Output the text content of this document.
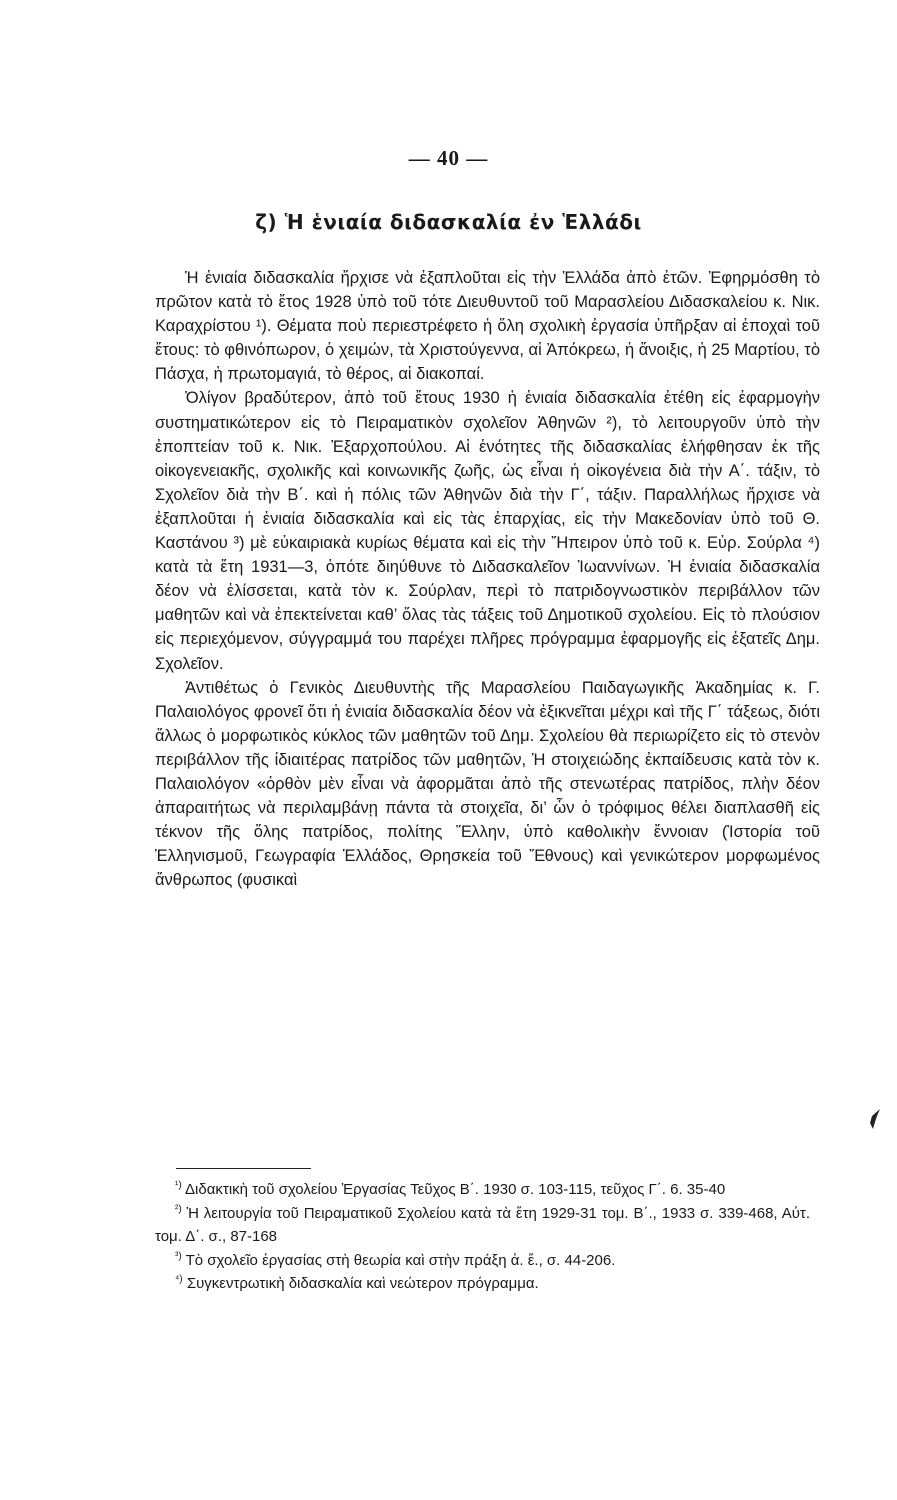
— 40 —
ζ) Ἡ ἑνιαία διδασκαλία ἐν Ἑλλάδι

Ἡ ἑνιαία διδασκαλία ἤρχισε νὰ ἐξαπλοῦται εἰς τὴν Ἑλλάδα ἀπὸ ἐτῶν. Ἐφηρμόσθη τὸ πρῶτον κατὰ τὸ ἔτος 1928 ὑπὸ τοῦ τότε Διευθυντοῦ τοῦ Μαρασλείου Διδασκαλείου κ. Νικ. Καραχρίστου ¹). Θέματα ποὺ περιεστρέφετο ἡ ὅλη σχολικὴ ἐργασία ὑπῆρξαν αἱ ἐποχαὶ τοῦ ἔτους: τὸ φθινόπωρον, ὁ χειμών, τὰ Χριστούγεννα, αἱ Ἀπόκρεω, ἡ ἄνοιξις, ἡ 25 Μαρτίου, τὸ Πάσχα, ἡ πρωτομαγιά, τὸ θέρος, αἱ διακοπαί.

Ὀλίγον βραδύτερον, ἀπὸ τοῦ ἔτους 1930 ἡ ἑνιαία διδασκαλία ἐτέθη εἰς ἐφαρμογὴν συστηματικώτερον εἰς τὸ Πειραματικὸν σχολεῖον Ἀθηνῶν ²), τὸ λειτουργοῦν ὑπὸ τὴν ἐποπτείαν τοῦ κ. Νικ. Ἐξαρχοπούλου. Αἱ ἑνότητες τῆς διδασκαλίας ἐλήφθησαν ἐκ τῆς οἰκογενειακῆς, σχολικῆς καὶ κοινωνικῆς ζωῆς, ὡς εἶναι ἡ οἰκογένεια διὰ τὴν Α΄. τάξιν, τὸ Σχολεῖον διὰ τὴν Β΄. καὶ ἡ πόλις τῶν Ἀθηνῶν διὰ τὴν Γ΄, τάξιν. Παραλλήλως ἤρχισε νὰ ἐξαπλοῦται ἡ ἑνιαία διδασκαλία καὶ εἰς τὰς ἐπαρχίας, εἰς τὴν Μακεδονίαν ὑπὸ τοῦ Θ. Καστάνου ³) μὲ εὐκαιριακὰ κυρίως θέματα καὶ εἰς τὴν Ἤπειρον ὑπὸ τοῦ κ. Εὐρ. Σούρλα ⁴) κατὰ τὰ ἔτη 1931—3, ὁπότε διηύθυνε τὸ Διδασκαλεῖον Ἰωαννίνων. Ἡ ἑνιαία διδασκαλία δέον νὰ ἑλίσσεται, κατὰ τὸν κ. Σούρλαν, περὶ τὸ πατριδογνωστικὸν περιβάλλον τῶν μαθητῶν καὶ νὰ ἐπεκτείνεται καθ’ ὅλας τὰς τάξεις τοῦ Δημοτικοῦ σχολείου. Εἰς τὸ πλούσιον εἰς περιεχόμενον, σύγγραμμά του παρέχει πλῆρες πρόγραμμα ἐφαρμογῆς εἰς ἑξατεῖς Δημ. Σχολεῖον.

Ἀντιθέτως ὁ Γενικὸς Διευθυντὴς τῆς Μαρασλείου Παιδαγωγικῆς Ἀκαδημίας κ. Γ. Παλαιολόγος φρονεῖ ὅτι ἡ ἑνιαία διδασκαλία δέον νὰ ἐξικνεῖται μέχρι καὶ τῆς Γ΄ τάξεως, διότι ἄλλως ὁ μορφωτικὸς κύκλος τῶν μαθητῶν τοῦ Δημ. Σχολείου θὰ περιωρίζετο εἰς τὸ στενὸν περιβάλλον τῆς ἰδιαιτέρας πατρίδος τῶν μαθητῶν, Ἡ στοιχειώδης ἐκπαίδευσις κατὰ τὸν κ. Παλαιολόγον «ὀρθὸν μὲν εἶναι νὰ ἀφορμᾶται ἀπὸ τῆς στενωτέρας πατρίδος, πλὴν δέον ἀπαραιτήτως νὰ περιλαμβάνῃ πάντα τὰ στοιχεῖα, δι’ ὧν ὁ τρόφιμος θέλει διαπλασθῆ εἰς τέκνον τῆς ὅλης πατρίδος, πολίτης Ἕλλην, ὑπὸ καθολικὴν ἔννοιαν (Ἱστορία τοῦ Ἑλληνισμοῦ, Γεωγραφία Ἑλλάδος, Θρησκεία τοῦ Ἔθνους) καὶ γενικώτερον μορφωμένος ἄνθρωπος (φυσικαὶ

$^{^1)}$ Διδακτικὴ τοῦ σχολείου Ἐργασίας Τεῦχος Β΄. 1930 σ. 103-115, τεῦχος Γ΄. 6. 35-40

$^{^2)}$ Ἡ λειτουργία τοῦ Πειραματικοῦ Σχολείου κατὰ τὰ ἔτη 1929-31 τομ. Β΄., 1933 σ. 339-468, Αὐτ. τομ. Δ΄. σ., 87-168

$^{^3)}$ Τὸ σχολεῖο ἐργασίας στὴ θεωρία καὶ στὴν πράξη ἀ. ἔ., σ. 44-206.

$^{^4)}$ Συγκεντρωτικὴ διδασκαλία καὶ νεώτερον πρόγραμμα.
